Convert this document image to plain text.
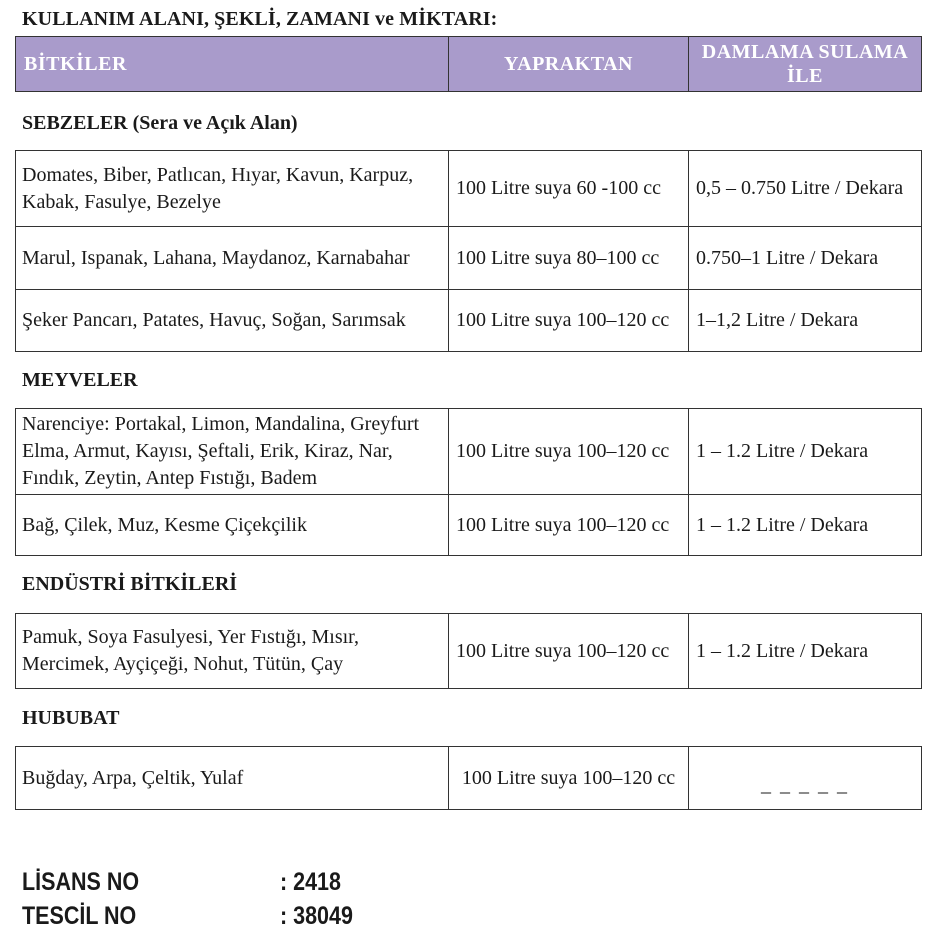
KULLANIM ALANI, ŞEKLİ, ZAMANI ve MİKTARI:
BİTKİLER	YAPRAKTAN
DAMLAMA SULAMA
İLE
SEBZELER (Sera ve Açık Alan)
Domates, Biber, Patlıcan, Hıyar, Kavun, Karpuz,
Kabak, Fasulye, Bezelye
100 Litre suya 60 -100 cc	0,5 – 0.750 Litre / Dekara
Marul, Ispanak, Lahana, Maydanoz, Karnabahar	100 Litre suya 80–100 cc	0.750–1 Litre / Dekara
Şeker Pancarı, Patates, Havuç, Soğan, Sarımsak	100 Litre suya 100–120 cc	1–1,2 Litre / Dekara
MEYVELER
Narenciye: Portakal, Limon, Mandalina, Greyfurt
Elma, Armut, Kayısı, Şeftali, Erik, Kiraz, Nar,
Fındık, Zeytin, Antep Fıstığı, Badem
100 Litre suya 100–120 cc	1 – 1.2 Litre / Dekara
Bağ, Çilek, Muz, Kesme Çiçekçilik	100 Litre suya 100–120 cc	1 – 1.2 Litre / Dekara
ENDÜSTRİ BİTKİLERİ
Pamuk, Soya Fasulyesi, Yer Fıstığı, Mısır,
Mercimek, Ayçiçeği, Nohut, Tütün, Çay
100 Litre suya 100–120 cc	1 – 1.2 Litre / Dekara
HUBUBAT
Buğday, Arpa, Çeltik, Yulaf	100 Litre suya 100–120 cc	_ _ _ _ _
LİSANS NO	: 2418
TESCİL NO	: 38049
